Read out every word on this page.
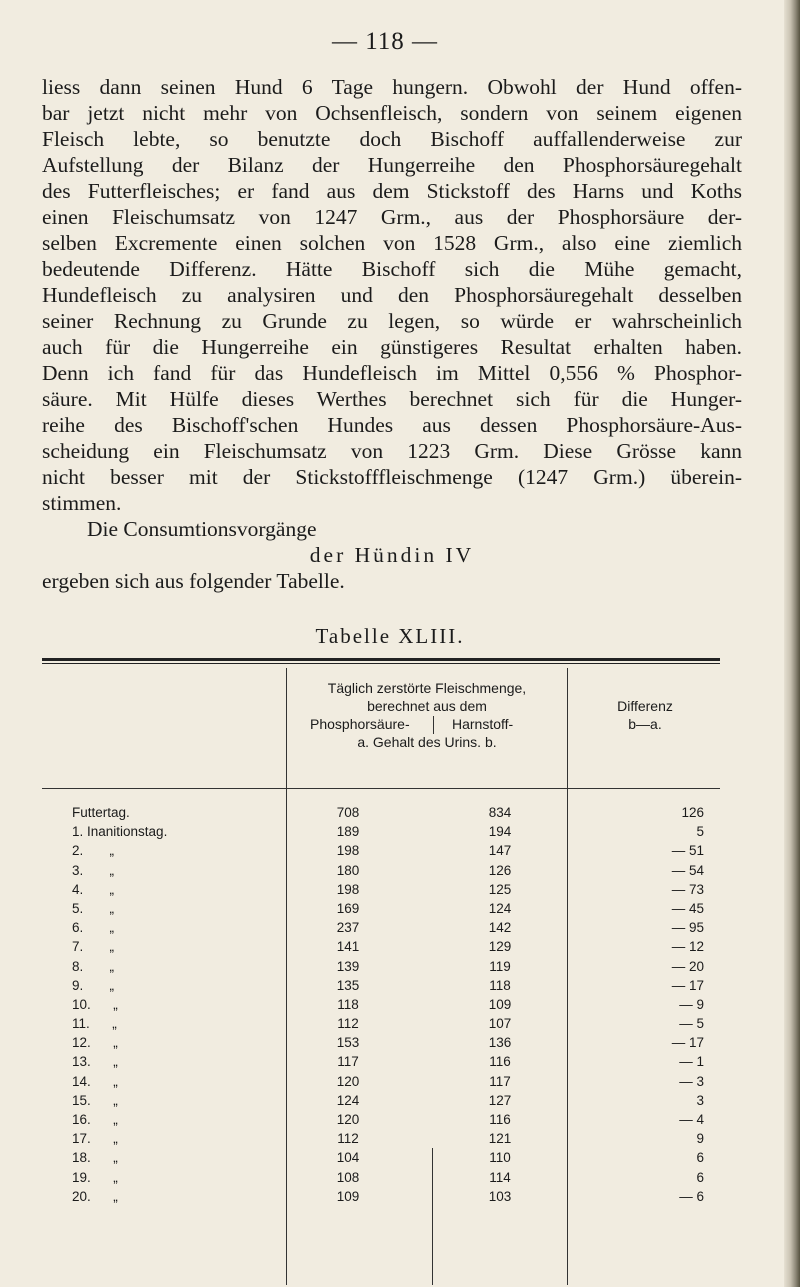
— 118 —

liess dann seinen Hund 6 Tage hungern. Obwohl der Hund offen-
bar jetzt nicht mehr von Ochsenfleisch, sondern von seinem eigenen
Fleisch lebte, so benutzte doch Bischoff auffallenderweise zur
Aufstellung der Bilanz der Hungerreihe den Phosphorsäuregehalt
des Futterfleisches; er fand aus dem Stickstoff des Harns und Koths
einen Fleischumsatz von 1247 Grm., aus der Phosphorsäure der-
selben Excremente einen solchen von 1528 Grm., also eine ziemlich
bedeutende Differenz. Hätte Bischoff sich die Mühe gemacht,
Hundefleisch zu analysiren und den Phosphorsäuregehalt desselben
seiner Rechnung zu Grunde zu legen, so würde er wahrscheinlich
auch für die Hungerreihe ein günstigeres Resultat erhalten haben.
Denn ich fand für das Hundefleisch im Mittel 0,556 % Phosphor-
säure. Mit Hülfe dieses Werthes berechnet sich für die Hunger-
reihe des Bischoff'schen Hundes aus dessen Phosphorsäure-Aus-
scheidung ein Fleischumsatz von 1223 Grm. Diese Grösse kann
nicht besser mit der Stickstofffleischmenge (1247 Grm.) überein-
stimmen.

Die Consumtionsvorgänge
der Hündin IV
ergeben sich aus folgender Tabelle.

Tabelle XLIII.
Täglich zerstörte Fleischmenge,
berechnet aus dem
Phosphorsäure-	Harnstoff-
a. Gehalt des Urins. b.
Differenz
b—a.
Futtertag.	708	834	126
1. Inanitionstag.	189	194	5
2.       „	198	147	— 51
3.       „	180	126	— 54
4.       „	198	125	— 73
5.       „	169	124	— 45
6.       „	237	142	— 95
7.       „	141	129	— 12
8.       „	139	119	— 20
9.       „	135	118	— 17
10.      „	118	109	— 9
11.      „	112	107	— 5
12.      „	153	136	— 17
13.      „	117	116	— 1
14.      „	120	117	— 3
15.      „	124	127	3
16.      „	120	116	— 4
17.      „	112	121	9
18.      „	104	110	6
19.      „	108	114	6
20.      „	109	103	— 6
